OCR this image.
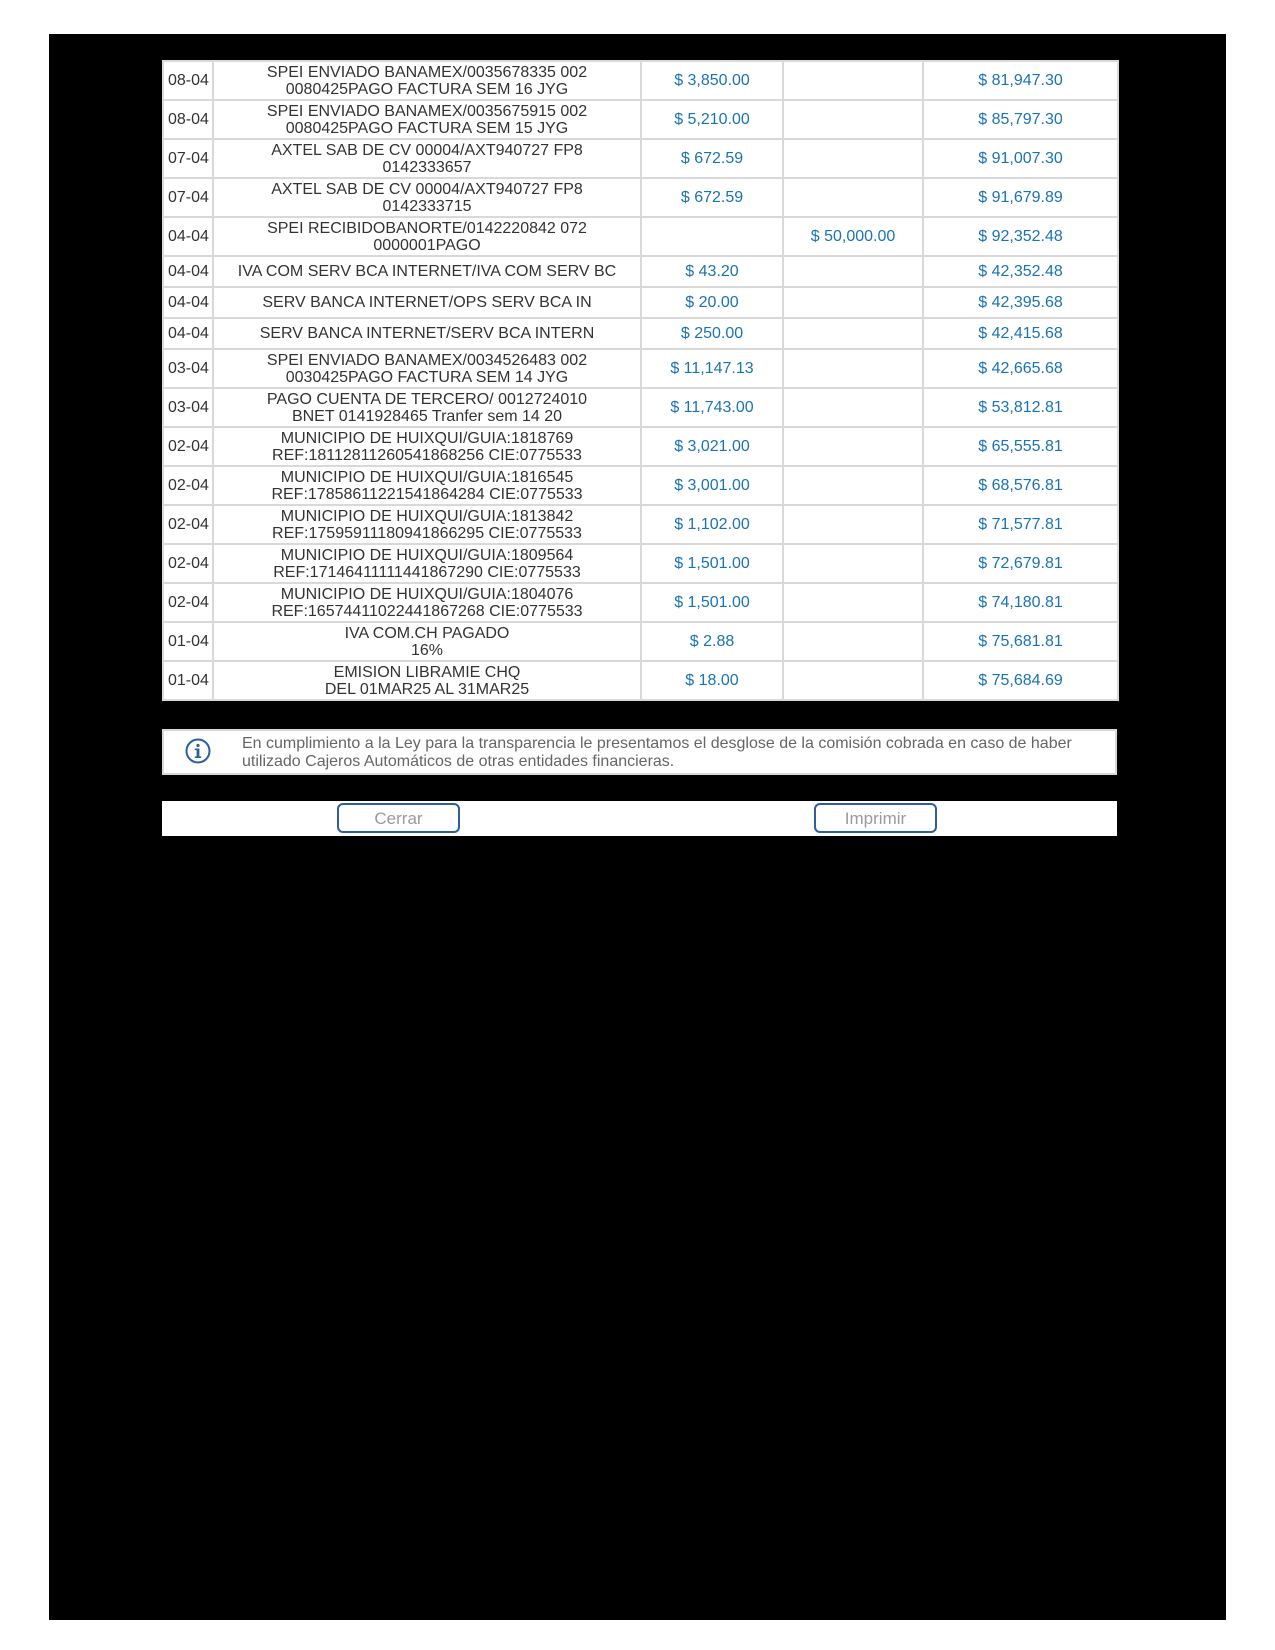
08-04	SPEI ENVIADO BANAMEX/0035678335 002
0080425PAGO FACTURA SEM 16 JYG	$ 3,850.00		$ 81,947.30
08-04	SPEI ENVIADO BANAMEX/0035675915 002
0080425PAGO FACTURA SEM 15 JYG	$ 5,210.00		$ 85,797.30
07-04	AXTEL SAB DE CV 00004/AXT940727 FP8
0142333657	$ 672.59		$ 91,007.30
07-04	AXTEL SAB DE CV 00004/AXT940727 FP8
0142333715	$ 672.59		$ 91,679.89
04-04	SPEI RECIBIDOBANORTE/0142220842 072
0000001PAGO		$ 50,000.00	$ 92,352.48
04-04	IVA COM SERV BCA INTERNET/IVA COM SERV BC	$ 43.20		$ 42,352.48
04-04	SERV BANCA INTERNET/OPS SERV BCA IN	$ 20.00		$ 42,395.68
04-04	SERV BANCA INTERNET/SERV BCA INTERN	$ 250.00		$ 42,415.68
03-04	SPEI ENVIADO BANAMEX/0034526483 002
0030425PAGO FACTURA SEM 14 JYG	$ 11,147.13		$ 42,665.68
03-04	PAGO CUENTA DE TERCERO/ 0012724010
BNET 0141928465 Tranfer sem 14 20	$ 11,743.00		$ 53,812.81
02-04	MUNICIPIO DE HUIXQUI/GUIA:1818769
REF:18112811260541868256 CIE:0775533	$ 3,021.00		$ 65,555.81
02-04	MUNICIPIO DE HUIXQUI/GUIA:1816545
REF:17858611221541864284 CIE:0775533	$ 3,001.00		$ 68,576.81
02-04	MUNICIPIO DE HUIXQUI/GUIA:1813842
REF:17595911180941866295 CIE:0775533	$ 1,102.00		$ 71,577.81
02-04	MUNICIPIO DE HUIXQUI/GUIA:1809564
REF:17146411111441867290 CIE:0775533	$ 1,501.00		$ 72,679.81
02-04	MUNICIPIO DE HUIXQUI/GUIA:1804076
REF:16574411022441867268 CIE:0775533	$ 1,501.00		$ 74,180.81
01-04	IVA COM.CH PAGADO
16%	$ 2.88		$ 75,681.81
01-04	EMISION LIBRAMIE CHQ
DEL 01MAR25 AL 31MAR25	$ 18.00		$ 75,684.69
En cumplimiento a la Ley para la transparencia le presentamos el desglose de la comisión cobrada en caso de haber utilizado Cajeros Automáticos de otras entidades financieras.
Cerrar	Imprimir
